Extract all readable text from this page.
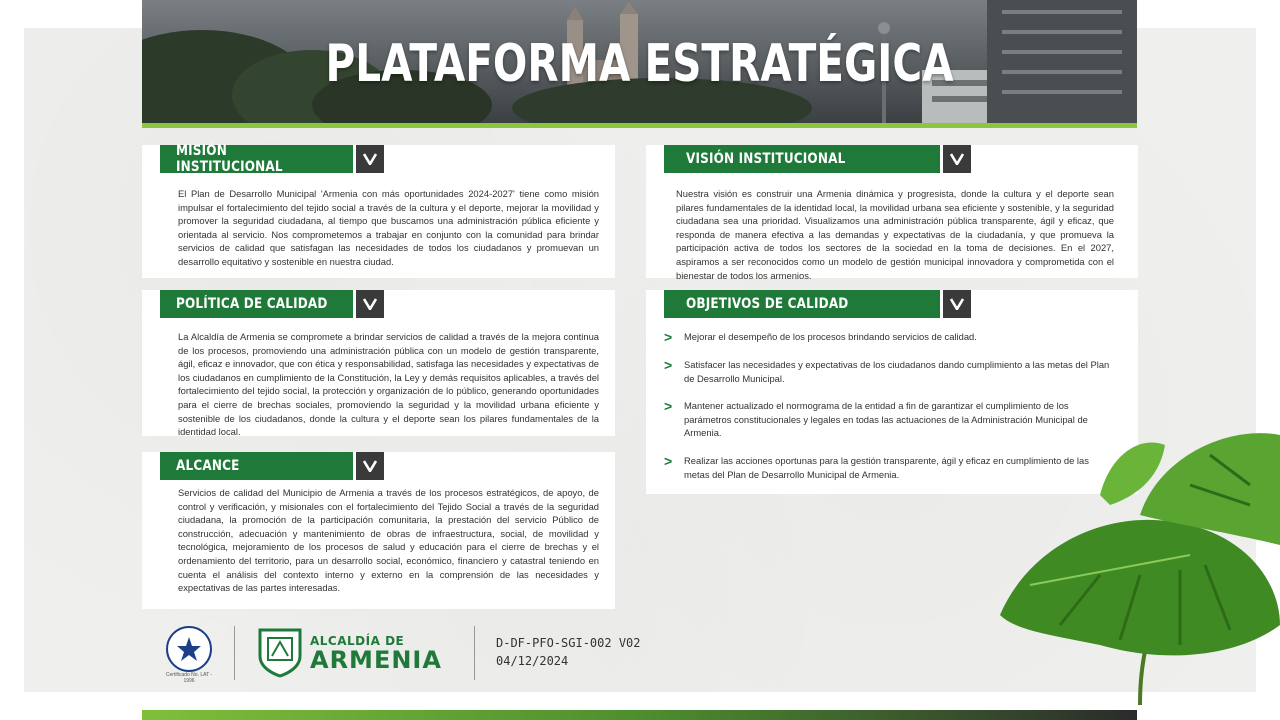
PLATAFORMA ESTRATÉGICA
MISIÓN INSTITUCIONAL
El Plan de Desarrollo Municipal 'Armenia con más oportunidades 2024-2027' tiene como misión impulsar el fortalecimiento del tejido social a través de la cultura y el deporte, mejorar la movilidad y promover la seguridad ciudadana, al tiempo que buscamos una administración pública eficiente y orientada al servicio. Nos comprometemos a trabajar en conjunto con la comunidad para brindar servicios de calidad que satisfagan las necesidades de todos los ciudadanos y promuevan un desarrollo equitativo y sostenible en nuestra ciudad.
VISIÓN INSTITUCIONAL
Nuestra visión es construir una Armenia dinámica y progresista, donde la cultura y el deporte sean pilares fundamentales de la identidad local, la movilidad urbana sea eficiente y sostenible, y la seguridad ciudadana sea una prioridad. Visualizamos una administración pública transparente, ágil y eficaz, que responda de manera efectiva a las demandas y expectativas de la ciudadanía, y que promueva la participación activa de todos los sectores de la sociedad en la toma de decisiones. En el 2027, aspiramos a ser reconocidos como un modelo de gestión municipal innovadora y comprometida con el bienestar de todos los armenios.
POLÍTICA DE CALIDAD
La Alcaldía de Armenia se compromete a brindar servicios de calidad a través de la mejora continua de los procesos, promoviendo una administración pública con un modelo de gestión transparente, ágil, eficaz e innovador, que con ética y responsabilidad, satisfaga las necesidades y expectativas de los ciudadanos en cumplimiento de la Constitución, la Ley y demás requisitos aplicables, a través del fortalecimiento del tejido social, la protección y organización de lo público, generando oportunidades para el cierre de brechas sociales, promoviendo la seguridad y la movilidad urbana eficiente y sostenible de los ciudadanos, donde la cultura y el deporte sean los pilares fundamentales de la identidad local.
OBJETIVOS DE CALIDAD
>	Mejorar el desempeño de los procesos brindando servicios de calidad.
>	Satisfacer las necesidades y expectativas de los ciudadanos dando cumplimiento a las metas del Plan de Desarrollo Municipal.
>	Mantener actualizado el normograma de la entidad a fin de garantizar el cumplimiento de los parámetros constitucionales y legales en todas las actuaciones de la Administración Municipal de Armenia.
>	Realizar las acciones oportunas para la gestión transparente, ágil y eficaz en cumplimiento de las metas del Plan de Desarrollo Municipal de Armenia.
ALCANCE
Servicios de calidad del Municipio de Armenia a través de los procesos estratégicos, de apoyo, de control y verificación, y misionales con el fortalecimiento del Tejido Social a través de la seguridad ciudadana, la promoción de la participación comunitaria, la prestación del servicio Público de construcción, adecuación y mantenimiento de obras de infraestructura, social, de movilidad y tecnológica, mejoramiento de los procesos de salud y educación para el cierre de brechas y el ordenamiento del territorio, para un desarrollo social, económico, financiero y catastral teniendo en cuenta el análisis del contexto interno y externo en la comprensión de las necesidades y expectativas de las partes interesadas.
Certificado No. LAT - 1996
ALCALDÍA DE
ARMENIA
D-DF-PFO-SGI-002 V02
04/12/2024
